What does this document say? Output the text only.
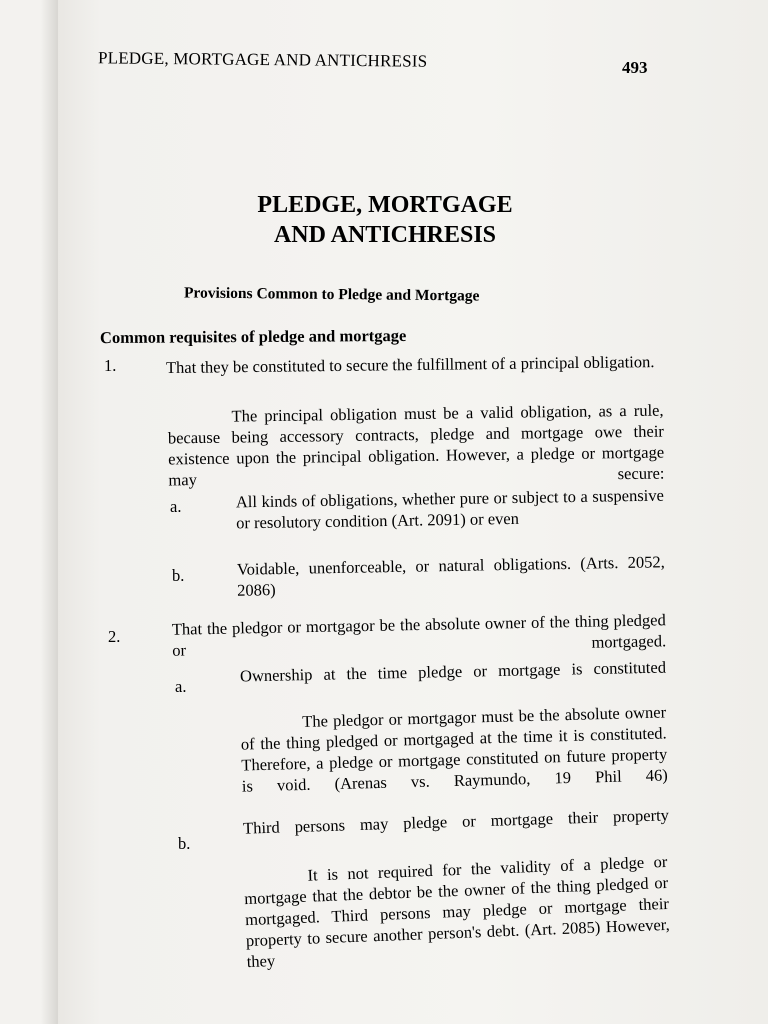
PLEDGE, MORTGAGE AND ANTICHRESIS	493
PLEDGE, MORTGAGE
AND ANTICHRESIS
Provisions Common to Pledge and Mortgage
Common requisites of pledge and mortgage
1.	That they be constituted to secure the fulfillment of a principal obligation.
The principal obligation must be a valid obligation, as a rule, because being accessory contracts, pledge and mortgage owe their existence upon the principal obligation. However, a pledge or mortgage may secure:
a.	All kinds of obligations, whether pure or subject to a suspensive or resolutory condition (Art. 2091) or even
b.	Voidable, unenforceable, or natural obligations. (Arts. 2052, 2086)
2.	That the pledgor or mortgagor be the absolute owner of the thing pledged or mortgaged.
a.
Ownership at the time pledge or mortgage is constituted
The pledgor or mortgagor must be the absolute owner of the thing pledged or mortgaged at the time it is constituted. Therefore, a pledge or mortgage constituted on future property is void. (Arenas vs. Raymundo, 19 Phil 46)
b.
Third persons may pledge or mortgage their property
It is not required for the validity of a pledge or mortgage that the debtor be the owner of the thing pledged or mortgaged. Third persons may pledge or mortgage their property to secure another person's debt. (Art. 2085) However, they
